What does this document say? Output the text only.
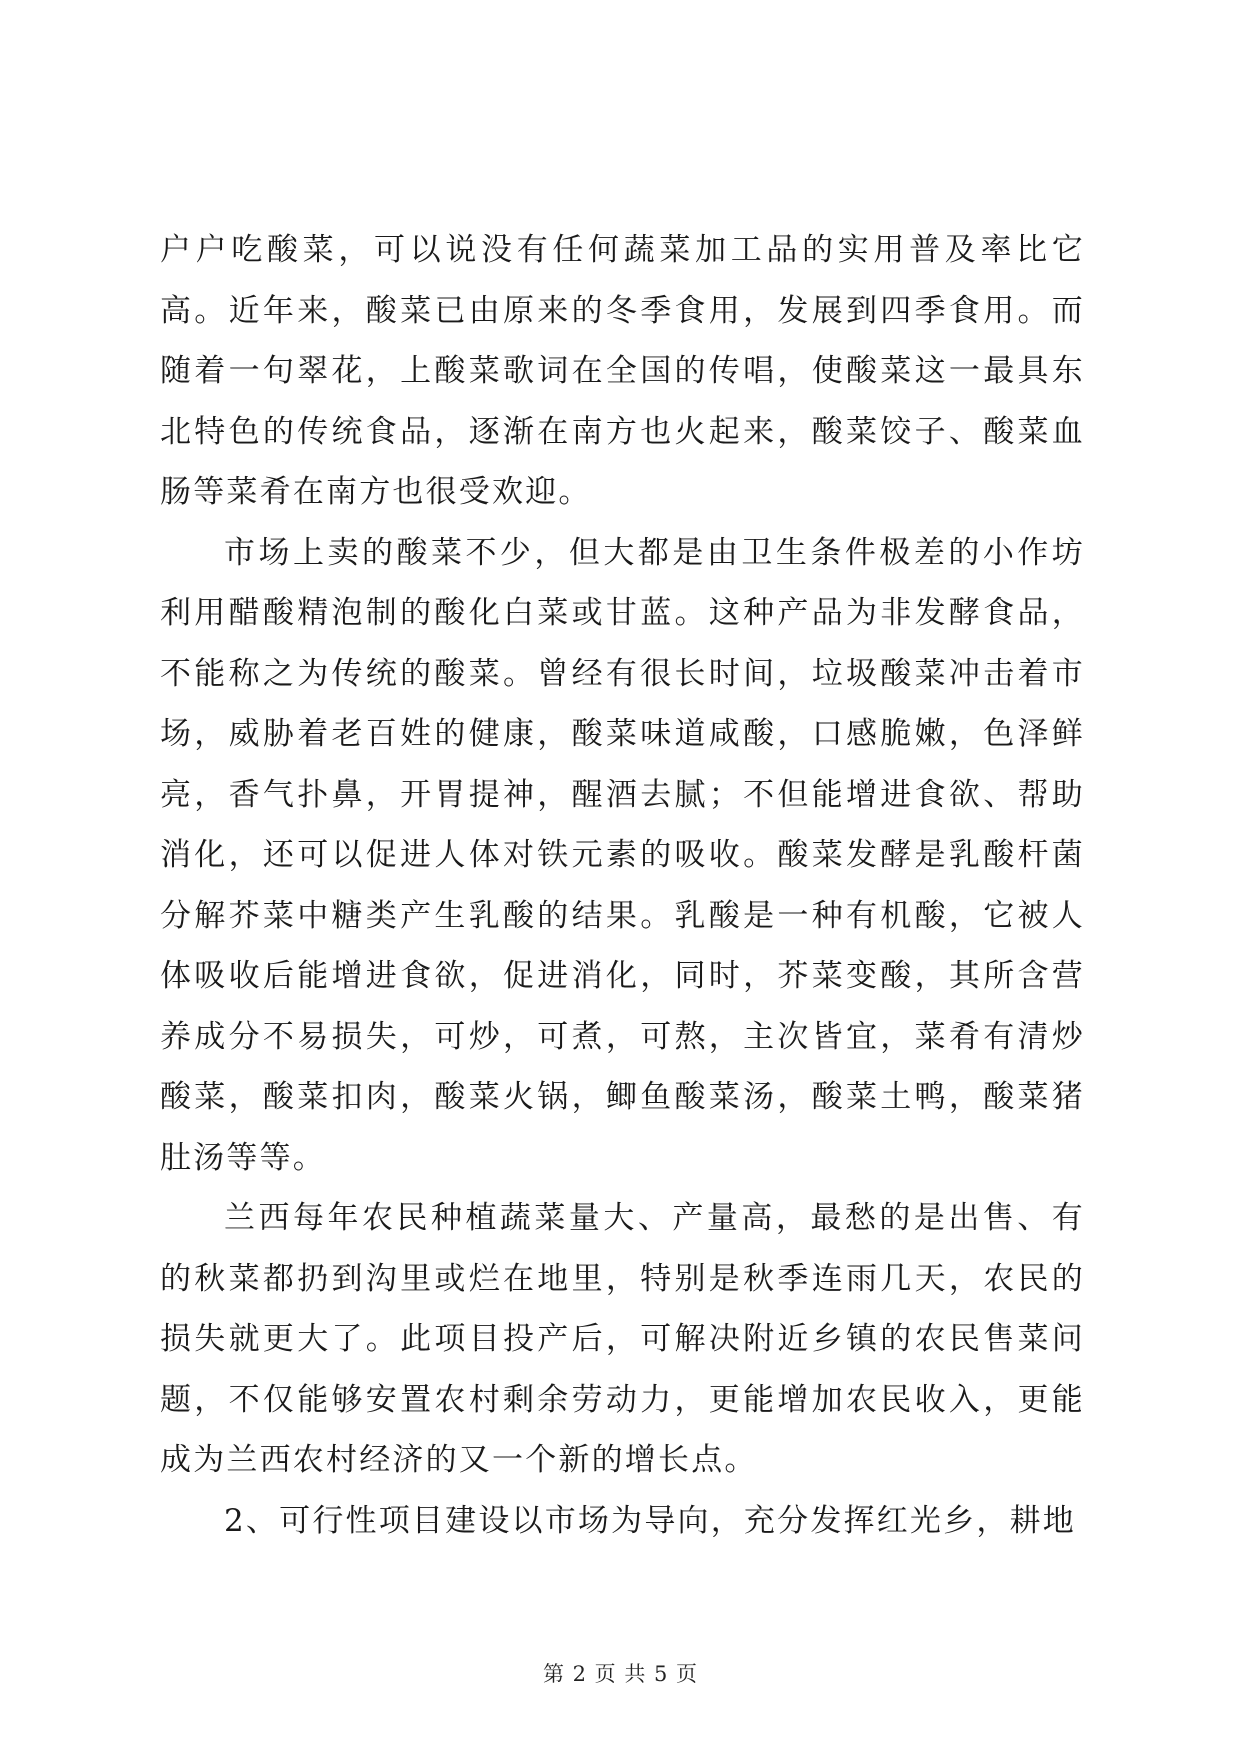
户户吃酸菜，可以说没有任何蔬菜加工品的实用普及率比它高。近年来，酸菜已由原来的冬季食用，发展到四季食用。而随着一句翠花，上酸菜歌词在全国的传唱，使酸菜这一最具东北特色的传统食品，逐渐在南方也火起来，酸菜饺子、酸菜血肠等菜肴在南方也很受欢迎。

市场上卖的酸菜不少，但大都是由卫生条件极差的小作坊利用醋酸精泡制的酸化白菜或甘蓝。这种产品为非发酵食品，不能称之为传统的酸菜。曾经有很长时间，垃圾酸菜冲击着市场，威胁着老百姓的健康，酸菜味道咸酸，口感脆嫩，色泽鲜亮，香气扑鼻，开胃提神，醒酒去腻；不但能增进食欲、帮助消化，还可以促进人体对铁元素的吸收。酸菜发酵是乳酸杆菌分解芥菜中糖类产生乳酸的结果。乳酸是一种有机酸，它被人体吸收后能增进食欲，促进消化，同时，芥菜变酸，其所含营养成分不易损失，可炒，可煮，可熬，主次皆宜，菜肴有清炒酸菜，酸菜扣肉，酸菜火锅，鲫鱼酸菜汤，酸菜土鸭，酸菜猪肚汤等等。

兰西每年农民种植蔬菜量大、产量高，最愁的是出售、有的秋菜都扔到沟里或烂在地里，特别是秋季连雨几天，农民的损失就更大了。此项目投产后，可解决附近乡镇的农民售菜问题，不仅能够安置农村剩余劳动力，更能增加农民收入，更能成为兰西农村经济的又一个新的增长点。

2、可行性项目建设以市场为导向，充分发挥红光乡，耕地

第 2 页 共 5 页
